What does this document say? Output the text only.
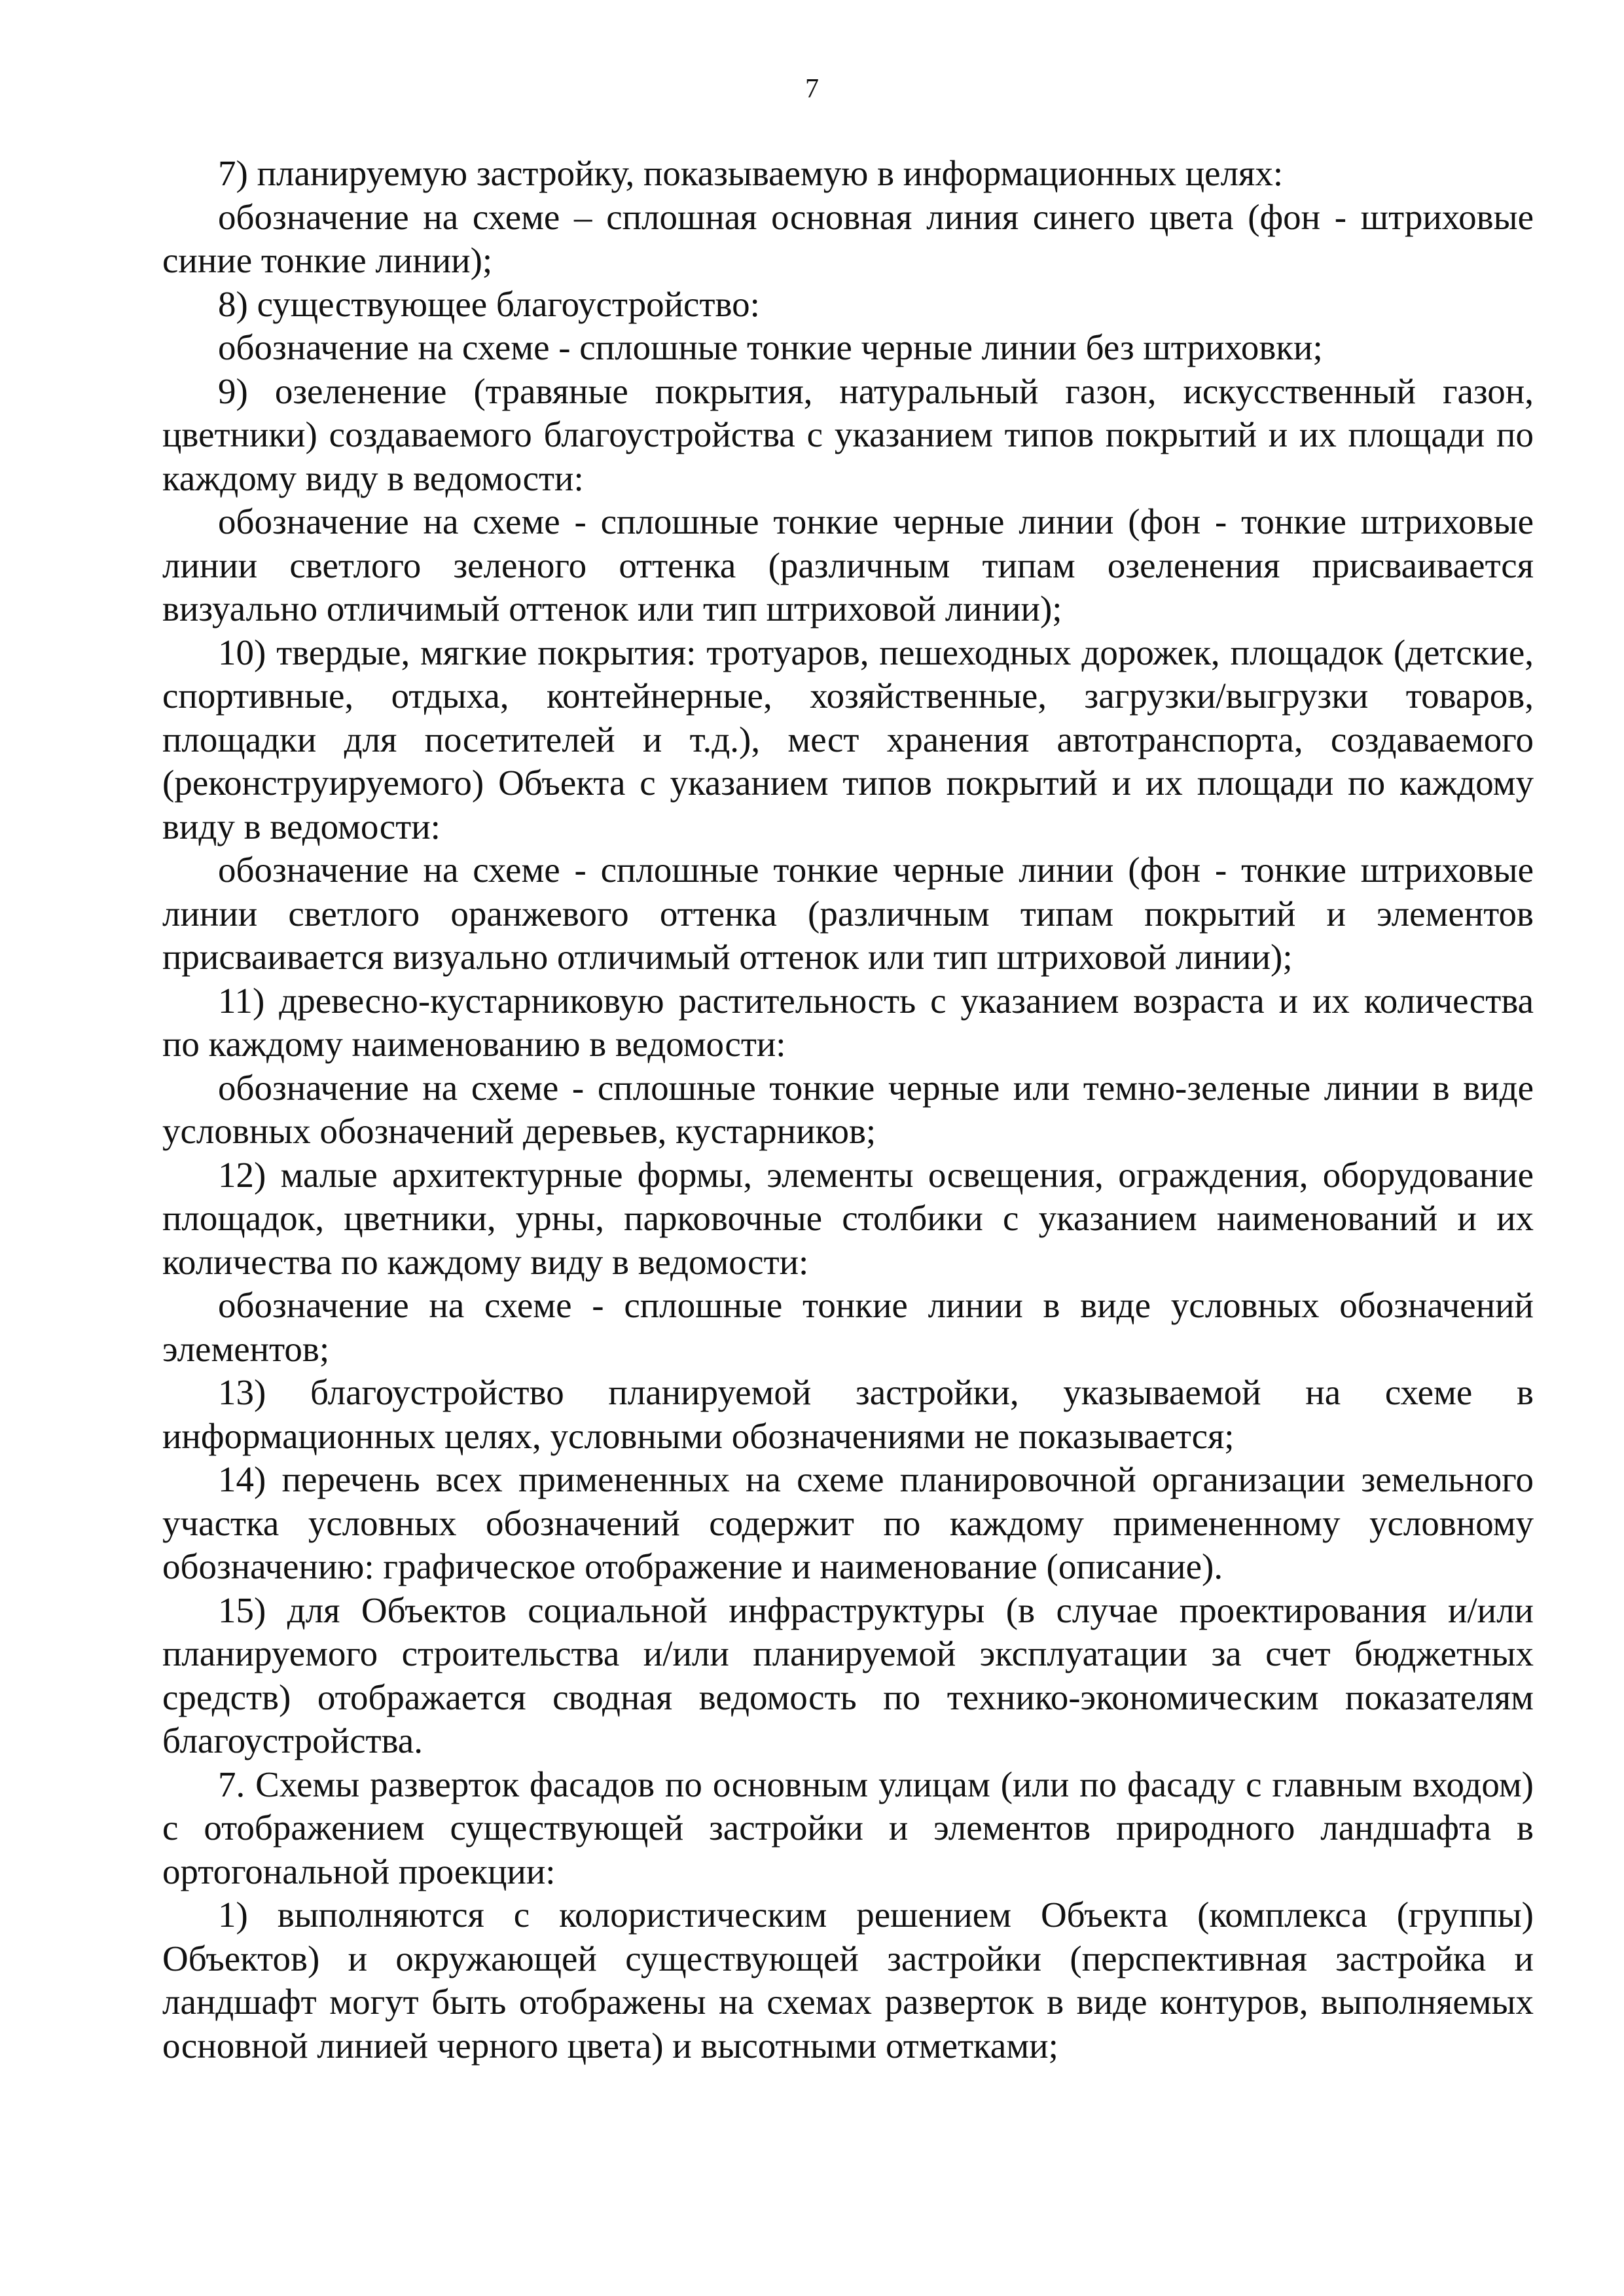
7

7) планируемую застройку, показываемую в информационных целях:

обозначение на схеме – сплошная основная линия синего цвета (фон - штриховые синие тонкие линии);

8) существующее благоустройство:

обозначение на схеме - сплошные тонкие черные линии без штриховки;

9) озеленение (травяные покрытия, натуральный газон, искусственный газон, цветники) создаваемого благоустройства с указанием типов покрытий и их площади по каждому виду в ведомости:

обозначение на схеме - сплошные тонкие черные линии (фон - тонкие штриховые линии светлого зеленого оттенка (различным типам озеленения присваивается визуально отличимый оттенок или тип штриховой линии);

10) твердые, мягкие покрытия: тротуаров, пешеходных дорожек, площадок (детские, спортивные, отдыха, контейнерные, хозяйственные, загрузки/выгрузки товаров, площадки для посетителей и т.д.), мест хранения автотранспорта, создаваемого (реконструируемого) Объекта с указанием типов покрытий и их площади по каждому виду в ведомости:

обозначение на схеме - сплошные тонкие черные линии (фон - тонкие штриховые линии светлого оранжевого оттенка (различным типам покрытий и элементов присваивается визуально отличимый оттенок или тип штриховой линии);

11) древесно-кустарниковую растительность с указанием возраста и их количества по каждому наименованию в ведомости:

обозначение на схеме - сплошные тонкие черные или темно-зеленые линии в виде условных обозначений деревьев, кустарников;

12) малые архитектурные формы, элементы освещения, ограждения, оборудование площадок, цветники, урны, парковочные столбики с указанием наименований и их количества по каждому виду в ведомости:

обозначение на схеме - сплошные тонкие линии в виде условных обозначений элементов;

13) благоустройство планируемой застройки, указываемой на схеме в информационных целях, условными обозначениями не показывается;

14) перечень всех примененных на схеме планировочной организации земельного участка условных обозначений содержит по каждому примененному условному обозначению: графическое отображение и наименование (описание).

15) для Объектов социальной инфраструктуры (в случае проектирования и/или планируемого строительства и/или планируемой эксплуатации за счет бюджетных средств) отображается сводная ведомость по технико-экономическим показателям благоустройства.

7. Схемы разверток фасадов по основным улицам (или по фасаду с главным входом) с отображением существующей застройки и элементов природного ландшафта в ортогональной проекции:

1) выполняются с колористическим решением Объекта (комплекса (группы) Объектов) и окружающей существующей застройки (перспективная застройка и ландшафт могут быть отображены на схемах разверток в виде контуров, выполняемых основной линией черного цвета) и высотными отметками;
